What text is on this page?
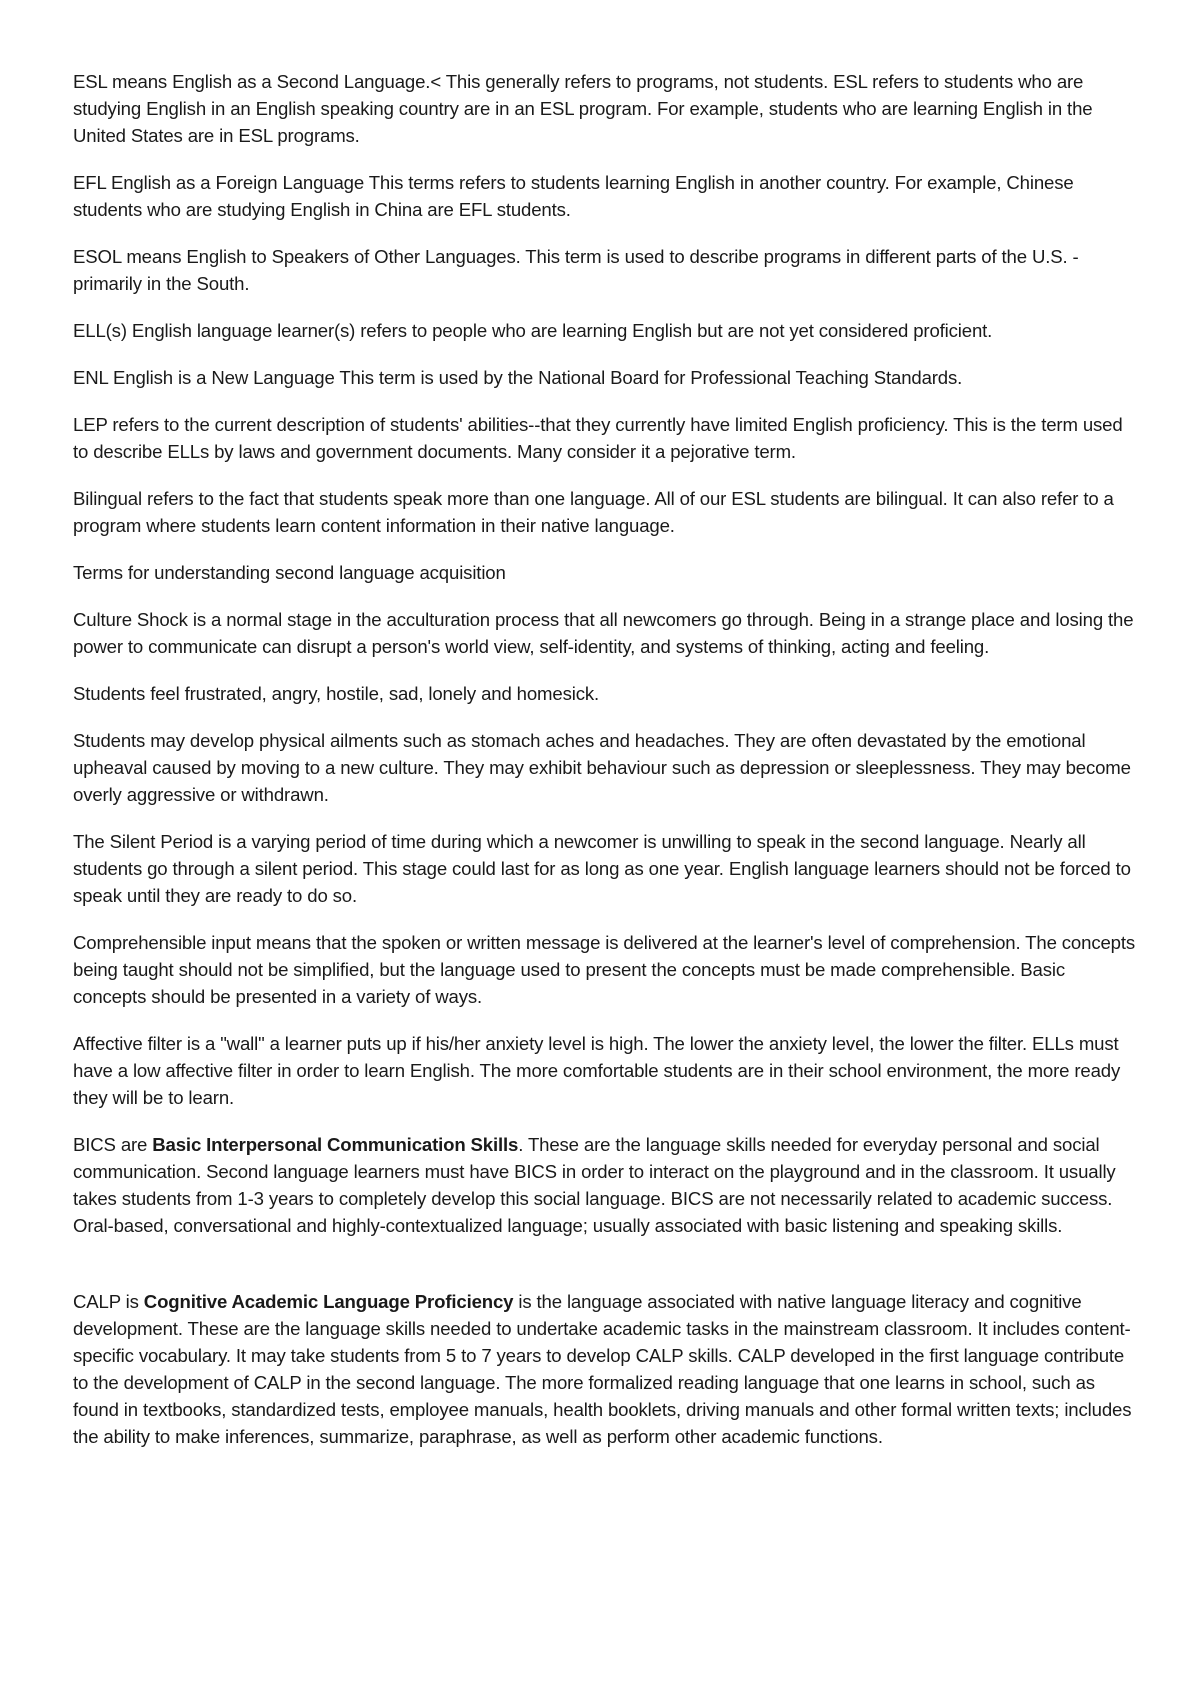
ESL means English as a Second Language.< This generally refers to programs, not students. ESL refers to students who are studying English in an English speaking country are in an ESL program. For example, students who are learning English in the United States are in ESL programs.

EFL English as a Foreign Language This terms refers to students learning English in another country. For example, Chinese students who are studying English in China are EFL students.

ESOL means English to Speakers of Other Languages. This term is used to describe programs in different parts of the U.S. - primarily in the South.

ELL(s) English language learner(s) refers to people who are learning English but are not yet considered proficient.

ENL English is a New Language This term is used by the National Board for Professional Teaching Standards.

LEP refers to the current description of students' abilities--that they currently have limited English proficiency. This is the term used to describe ELLs by laws and government documents. Many consider it a pejorative term.

Bilingual refers to the fact that students speak more than one language. All of our ESL students are bilingual. It can also refer to a program where students learn content information in their native language.

Terms for understanding second language acquisition

Culture Shock is a normal stage in the acculturation process that all newcomers go through. Being in a strange place and losing the power to communicate can disrupt a person's world view, self-identity, and systems of thinking, acting and feeling.

Students feel frustrated, angry, hostile, sad, lonely and homesick.

Students may develop physical ailments such as stomach aches and headaches. They are often devastated by the emotional upheaval caused by moving to a new culture. They may exhibit behaviour such as depression or sleeplessness. They may become overly aggressive or withdrawn.

The Silent Period is a varying period of time during which a newcomer is unwilling to speak in the second language. Nearly all students go through a silent period. This stage could last for as long as one year. English language learners should not be forced to speak until they are ready to do so.

Comprehensible input means that the spoken or written message is delivered at the learner's level of comprehension. The concepts being taught should not be simplified, but the language used to present the concepts must be made comprehensible. Basic concepts should be presented in a variety of ways.

Affective filter is a "wall" a learner puts up if his/her anxiety level is high. The lower the anxiety level, the lower the filter. ELLs must have a low affective filter in order to learn English. The more comfortable students are in their school environment, the more ready they will be to learn.

BICS are Basic Interpersonal Communication Skills. These are the language skills needed for everyday personal and social communication. Second language learners must have BICS in order to interact on the playground and in the classroom. It usually takes students from 1-3 years to completely develop this social language. BICS are not necessarily related to academic success. Oral-based, conversational and highly-contextualized language; usually associated with basic listening and speaking skills.

CALP is Cognitive Academic Language Proficiency is the language associated with native language literacy and cognitive development. These are the language skills needed to undertake academic tasks in the mainstream classroom. It includes content-specific vocabulary. It may take students from 5 to 7 years to develop CALP skills. CALP developed in the first language contribute to the development of CALP in the second language. The more formalized reading language that one learns in school, such as found in textbooks, standardized tests, employee manuals, health booklets, driving manuals and other formal written texts; includes the ability to make inferences, summarize, paraphrase, as well as perform other academic functions.
